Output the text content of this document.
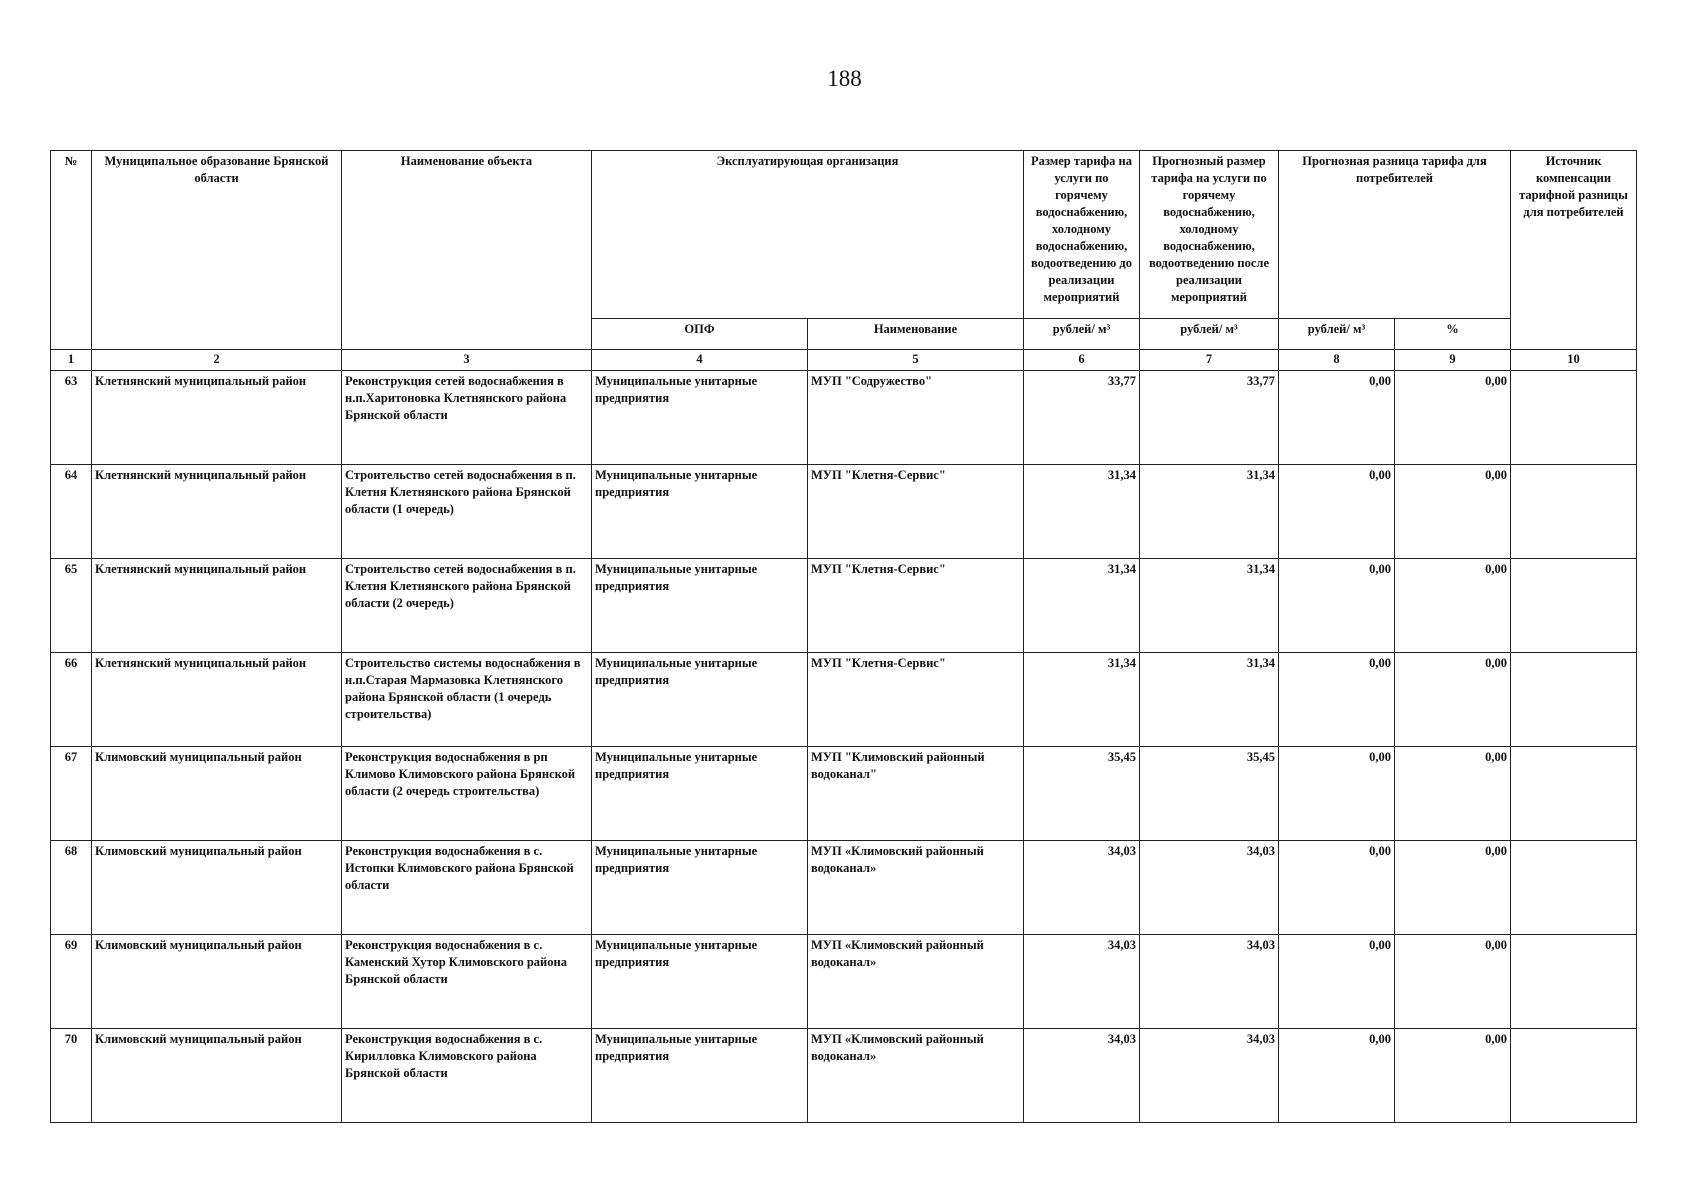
188
№	Муниципальное образование Брянской области	Наименование объекта	Эксплуатирующая организация		Размер тарифа на услуги по горячему водоснабжению, холодному водоснабжению, водоотведению до реализации мероприятий	Прогнозный размер тарифа на услуги по горячему водоснабжению, холодному водоснабжению, водоотведению после реализации мероприятий	Прогнозная разница тарифа для потребителей		Источник компенсации тарифной разницы для потребителей
			ОПФ	Наименование	рублей/ м³	рублей/ м³	рублей/ м³	%	
1	2	3	4	5	6	7	8	9	10
63	Клетнянский муниципальный район	Реконструкция сетей водоснабжения в н.п.Харитоновка Клетнянского района Брянской области	Муниципальные унитарные предприятия	МУП "Содружество"	33,77	33,77	0,00	0,00	
64	Клетнянский муниципальный район	Строительство сетей водоснабжения в п. Клетня Клетнянского района Брянской области (1 очередь)	Муниципальные унитарные предприятия	МУП "Клетня-Сервис"	31,34	31,34	0,00	0,00	
65	Клетнянский муниципальный район	Строительство сетей водоснабжения в п. Клетня Клетнянского района Брянской области (2 очередь)	Муниципальные унитарные предприятия	МУП "Клетня-Сервис"	31,34	31,34	0,00	0,00	
66	Клетнянский муниципальный район	Строительство системы водоснабжения в н.п.Старая Мармазовка Клетнянского района Брянской области (1 очередь строительства)	Муниципальные унитарные предприятия	МУП "Клетня-Сервис"	31,34	31,34	0,00	0,00	
67	Климовский муниципальный район	Реконструкция водоснабжения в рп Климово Климовского района Брянской области (2 очередь строительства)	Муниципальные унитарные предприятия	МУП "Климовский районный водоканал"	35,45	35,45	0,00	0,00	
68	Климовский муниципальный район	Реконструкция водоснабжения в с. Истопки Климовского района Брянской области	Муниципальные унитарные предприятия	МУП «Климовский районный водоканал»	34,03	34,03	0,00	0,00	
69	Климовский муниципальный район	Реконструкция водоснабжения в с. Каменский Хутор Климовского района Брянской области	Муниципальные унитарные предприятия	МУП «Климовский районный водоканал»	34,03	34,03	0,00	0,00	
70	Климовский муниципальный район	Реконструкция водоснабжения в с. Кирилловка Климовского района Брянской области	Муниципальные унитарные предприятия	МУП «Климовский районный водоканал»	34,03	34,03	0,00	0,00	
